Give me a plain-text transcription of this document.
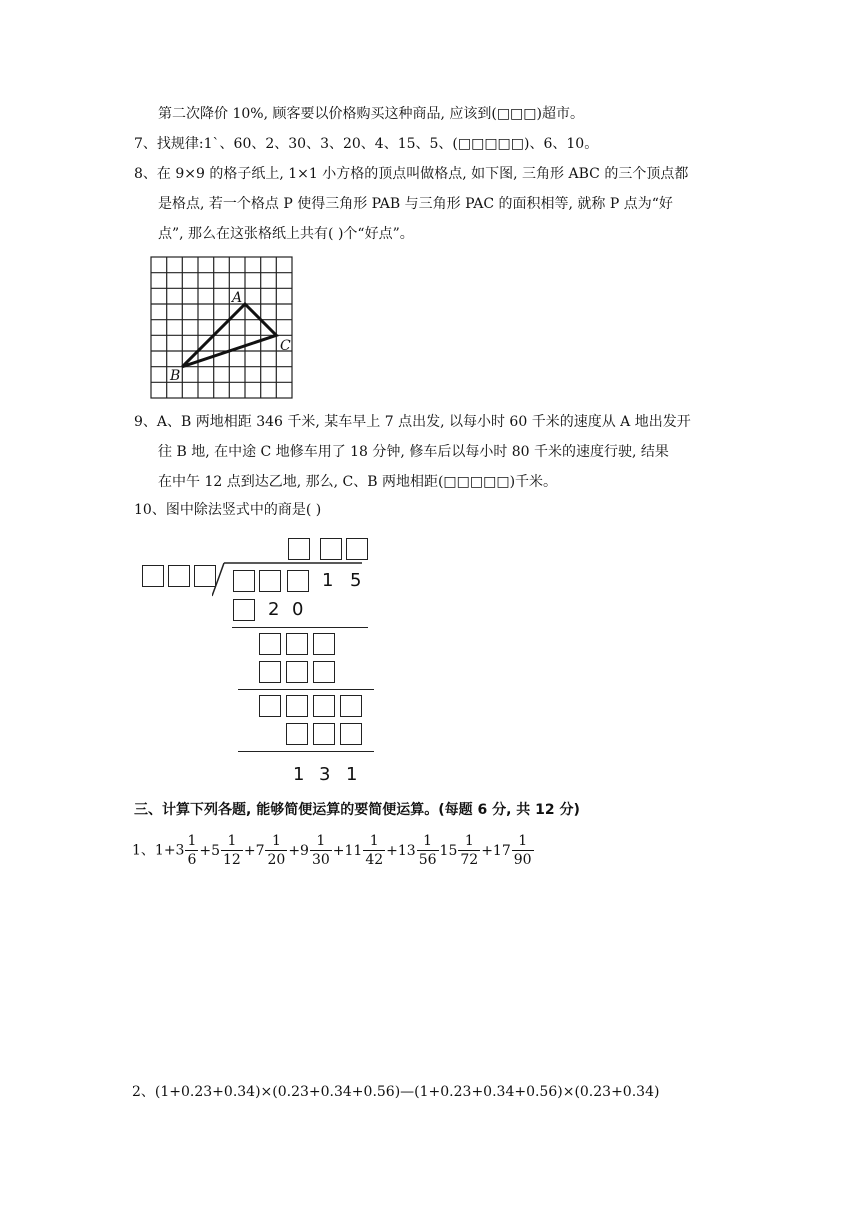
第二次降价 10%, 顾客要以价格购买这种商品, 应该到(□□□)超市。
7、找规律:1`、60、2、30、3、20、4、15、5、(□□□□□)、6、10。
8、在 9×9 的格子纸上, 1×1 小方格的顶点叫做格点, 如下图, 三角形 ABC 的三个顶点都
是格点, 若一个格点 P 使得三角形 PAB 与三角形 PAC 的面积相等, 就称 P 点为“好
点”, 那么在这张格纸上共有( )个“好点”。
A
C
B
9、A、B 两地相距 346 千米, 某车早上 7 点出发, 以每小时 60 千米的速度从 A 地出发开
往 B 地, 在中途 C 地修车用了 18 分钟, 修车后以每小时 80 千米的速度行驶, 结果
在中午 12 点到达乙地, 那么, C、B 两地相距(□□□□□)千米。
10、图中除法竖式中的商是( )
1 5
2 0
1 3 1
三、计算下列各题, 能够简便运算的要简便运算。(每题 6 分, 共 12 分)
1、$1+3 \frac{1}{6} +5 \frac{1}{12} +7 \frac{1}{20} +9 \frac{1}{30} +11 \frac{1}{42} +13 \frac{1}{56} 15 \frac{1}{72} +17 \frac{1}{90}$
2、(1+0.23+0.34)×(0.23+0.34+0.56)—(1+0.23+0.34+0.56)×(0.23+0.34)
